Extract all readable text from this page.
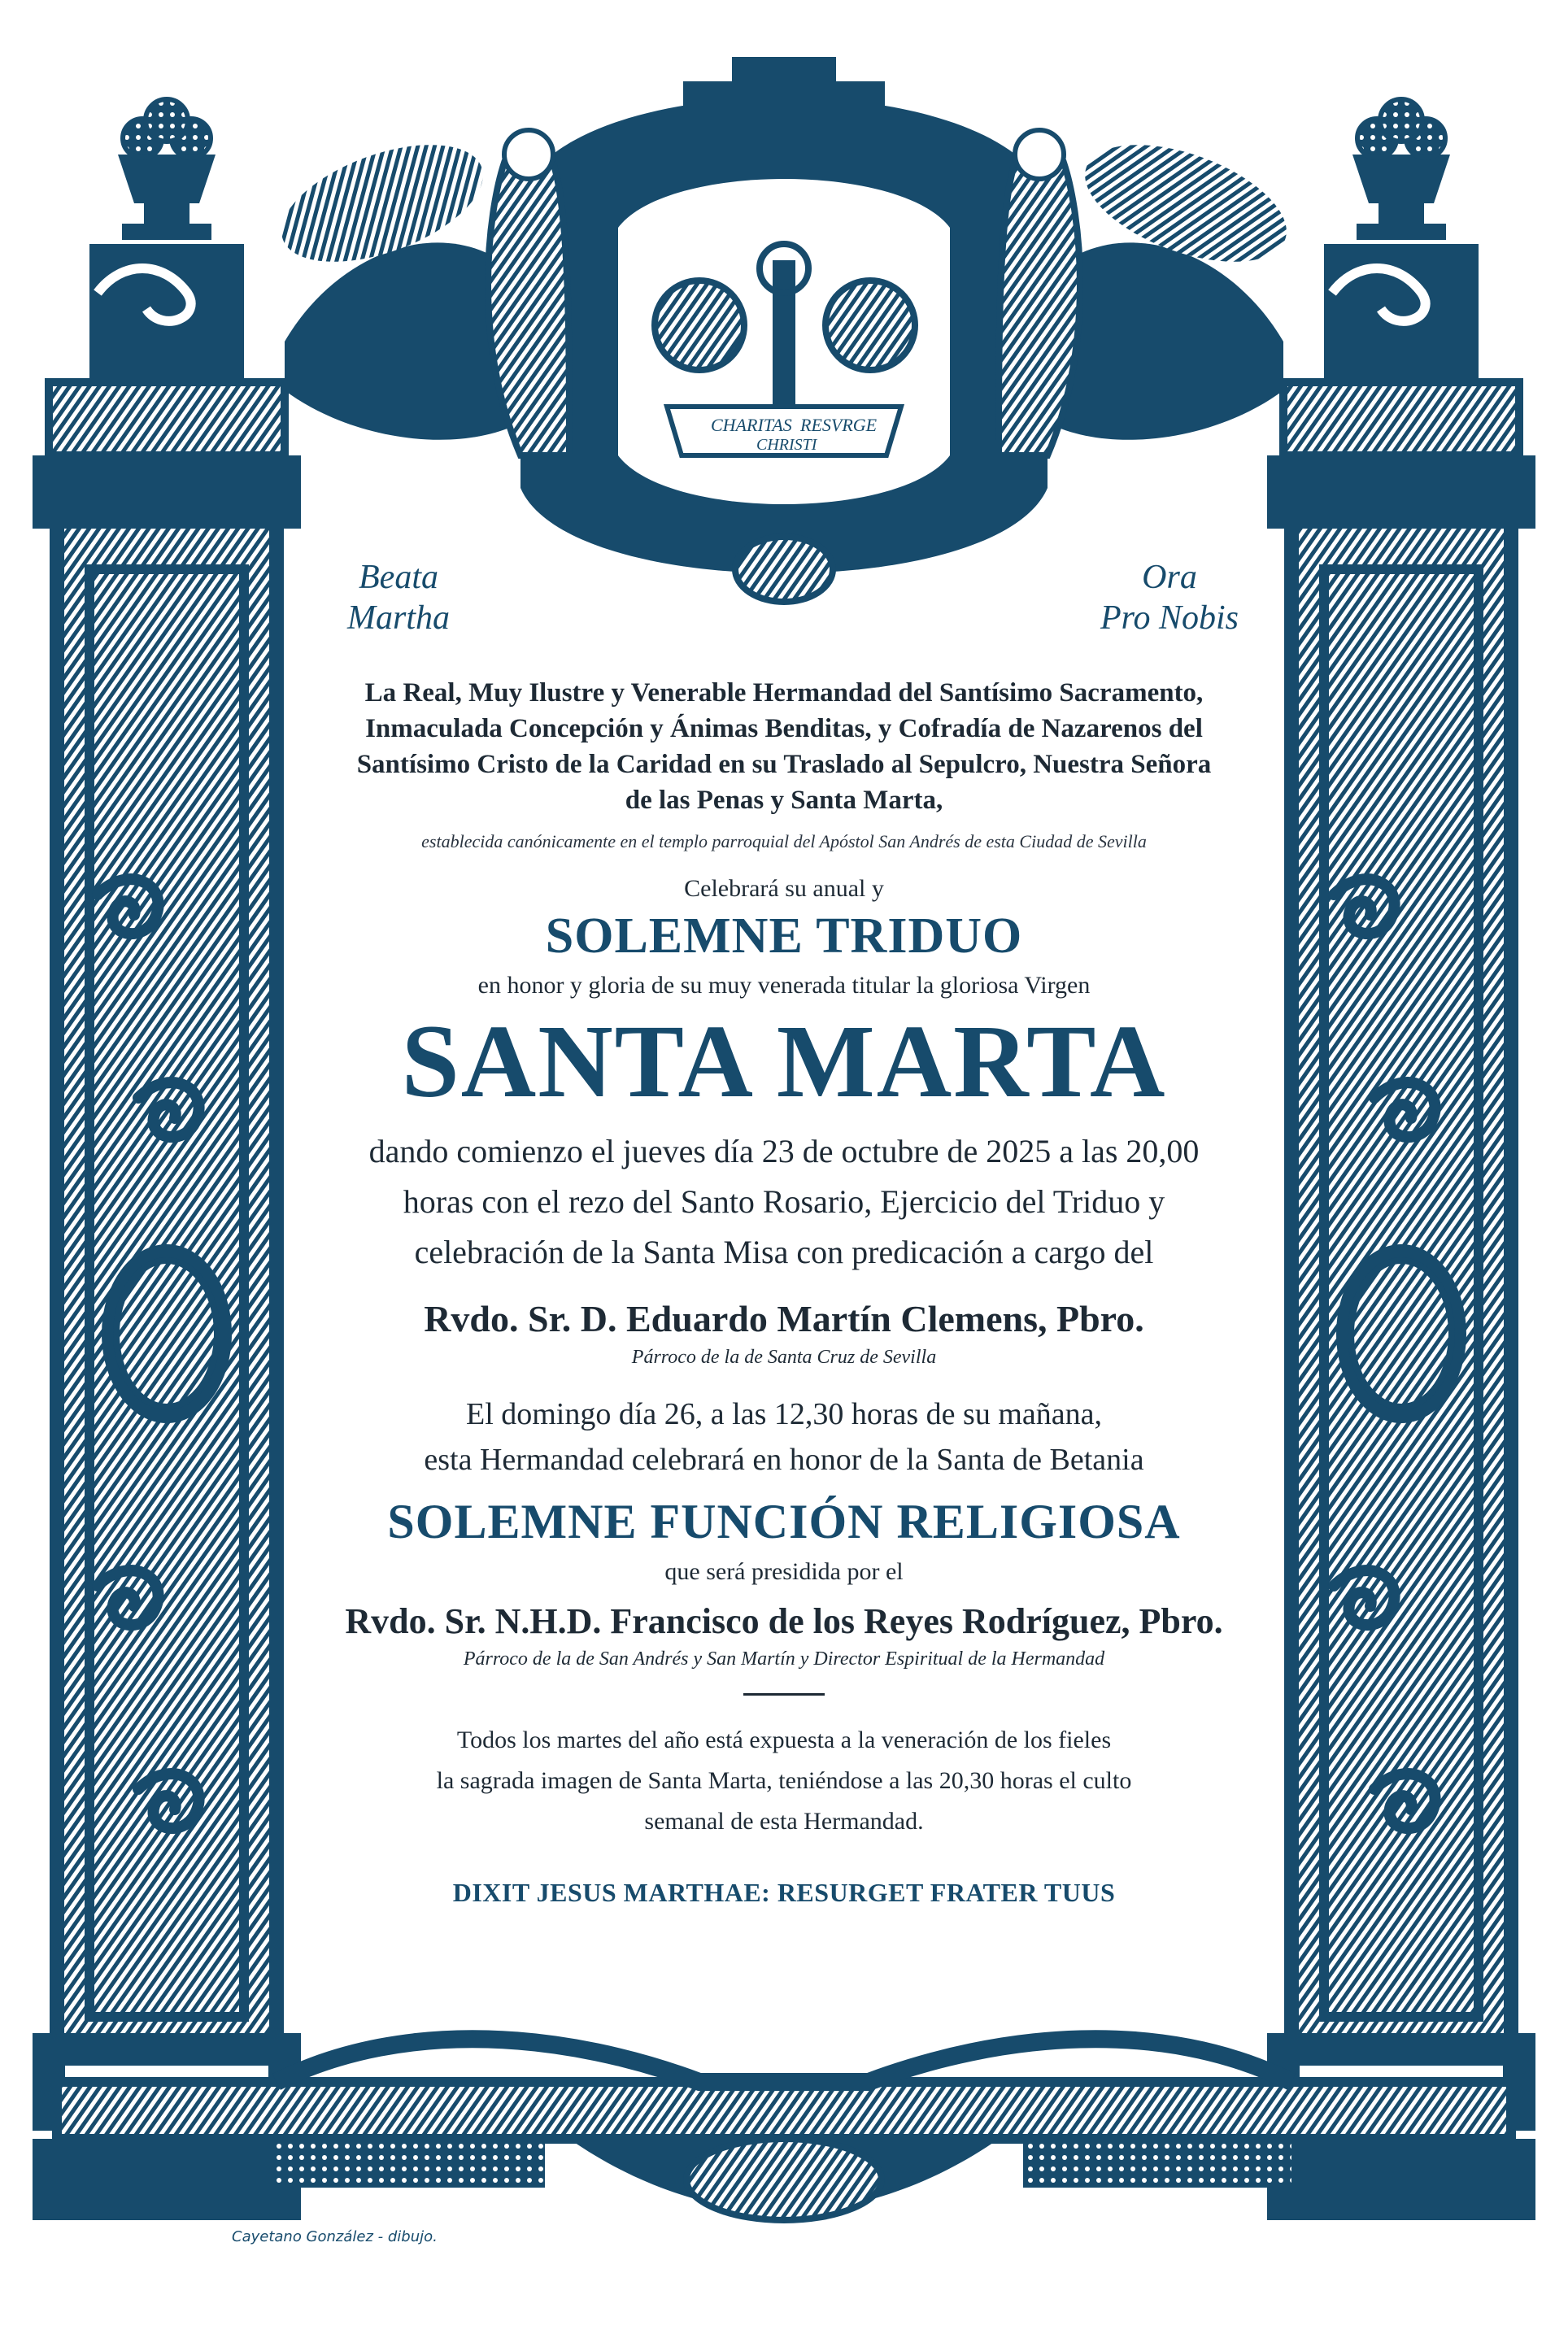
CHARITAS RESVRGE
CHRISTI
Beata
Martha
Ora
Pro Nobis
La Real, Muy Ilustre y Venerable Hermandad del Santísimo Sacramento,
Inmaculada Concepción y Ánimas Benditas, y Cofradía de Nazarenos del
Santísimo Cristo de la Caridad en su Traslado al Sepulcro, Nuestra Señora
de las Penas y Santa Marta,
establecida canónicamente en el templo parroquial del Apóstol San Andrés de esta Ciudad de Sevilla
Celebrará su anual y
SOLEMNE TRIDUO
en honor y gloria de su muy venerada titular la gloriosa Virgen
SANTA MARTA
dando comienzo el jueves día 23 de octubre de 2025 a las 20,00
horas con el rezo del Santo Rosario, Ejercicio del Triduo y
celebración de la Santa Misa con predicación a cargo del
Rvdo. Sr. D. Eduardo Martín Clemens, Pbro.
Párroco de la de Santa Cruz de Sevilla
El domingo día 26, a las 12,30 horas de su mañana,
esta Hermandad celebrará en honor de la Santa de Betania
SOLEMNE FUNCIÓN RELIGIOSA
que será presidida por el
Rvdo. Sr. N.H.D. Francisco de los Reyes Rodríguez, Pbro.
Párroco de la de San Andrés y San Martín y Director Espiritual de la Hermandad
Todos los martes del año está expuesta a la veneración de los fieles
la sagrada imagen de Santa Marta, teniéndose a las 20,30 horas el culto
semanal de esta Hermandad.
DIXIT JESUS MARTHAE: RESURGET FRATER TUUS
Cayetano González - dibujo.
